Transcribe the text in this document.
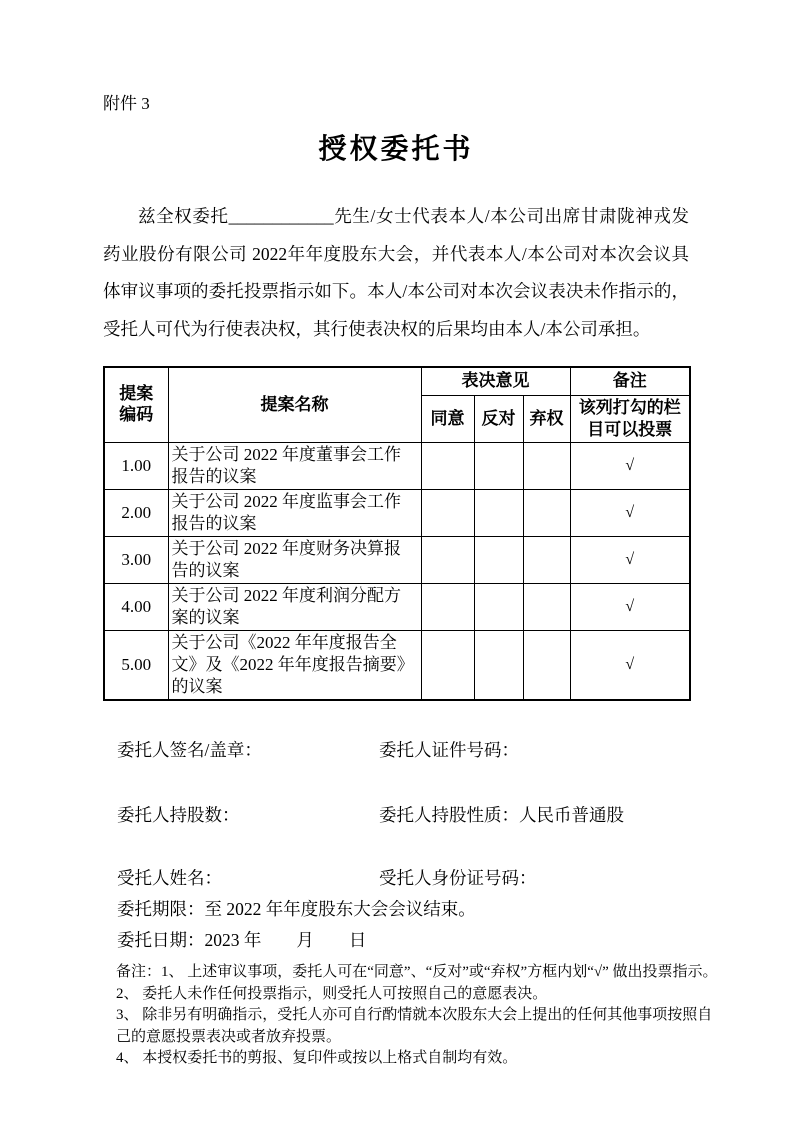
附件 3
授权委托书

兹全权委托____________先生/女士代表本人/本公司出席甘肃陇神戎发药业股份有限公司 2022年年度股东大会，并代表本人/本公司对本次会议具体审议事项的委托投票指示如下。本人/本公司对本次会议表决未作指示的，受托人可代为行使表决权，其行使表决权的后果均由本人/本公司承担。

提案编码	提案名称	表决意见			备注
		同意	反对	弃权	该列打勾的栏目可以投票
1.00	关于公司 2022 年度董事会工作报告的议案				√
2.00	关于公司 2022 年度监事会工作报告的议案				√
3.00	关于公司 2022 年度财务决算报告的议案				√
4.00	关于公司 2022 年度利润分配方案的议案				√
5.00	关于公司《2022 年年度报告全文》及《2022 年年度报告摘要》的议案				√
委托人签名/盖章：	委托人证件号码：
委托人持股数：	委托人持股性质：人民币普通股
受托人姓名：	受托人身份证号码：
委托期限：至 2022 年年度股东大会会议结束。
委托日期：2023 年　　月　　日
备注：1、 上述审议事项，委托人可在“同意”、“反对”或“弃权”方框内划“√” 做出投票指示。
2、 委托人未作任何投票指示，则受托人可按照自己的意愿表决。
3、 除非另有明确指示，受托人亦可自行酌情就本次股东大会上提出的任何其他事项按照自
己的意愿投票表决或者放弃投票。
4、 本授权委托书的剪报、复印件或按以上格式自制均有效。
